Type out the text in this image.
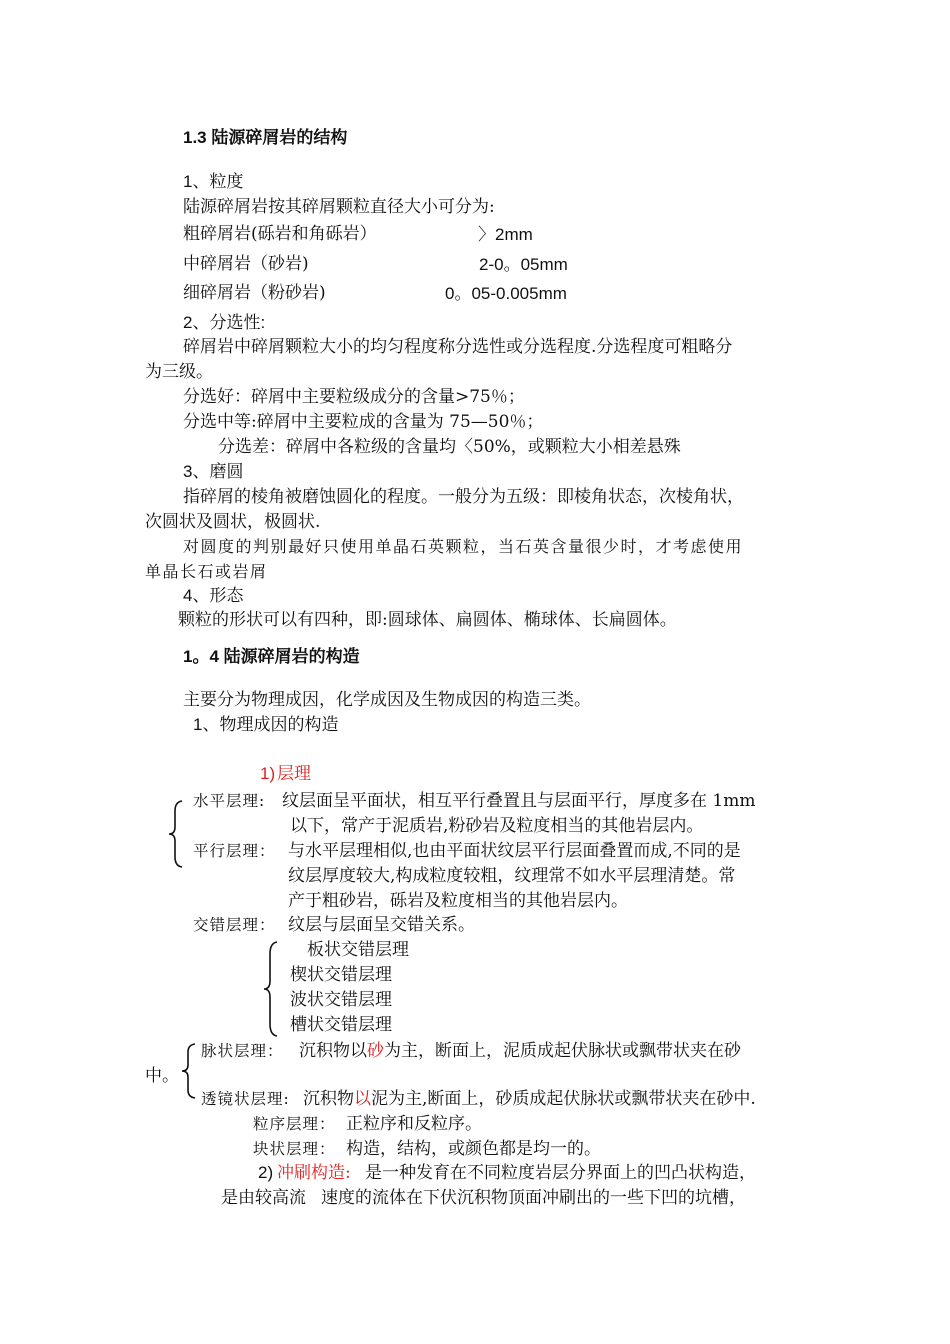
1.3 陆源碎屑岩的结构
1、粒度
陆源碎屑岩按其碎屑颗粒直径大小可分为:
粗碎屑岩(砾岩和角砾岩）	〉2mm
中碎屑岩（砂岩)	2-0。05mm
细碎屑岩（粉砂岩)	0。05-0.005mm
2、分选性:
碎屑岩中碎屑颗粒大小的均匀程度称分选性或分选程度.分选程度可粗略分
为三级。
分选好：碎屑中主要粒级成分的含量>75％；
分选中等:碎屑中主要粒成的含量为 75—50％；
分选差：碎屑中各粒级的含量均〈50%，或颗粒大小相差悬殊
3、磨圆
指碎屑的棱角被磨蚀圆化的程度。一般分为五级：即棱角状态，次棱角状，
次圆状及圆状，极圆状.
对圆度的判别最好只使用单晶石英颗粒，当石英含量很少时，才考虑使用
单晶长石或岩屑
4、形态
颗粒的形状可以有四种，即:圆球体、扁圆体、椭球体、长扁圆体。
1。4 陆源碎屑岩的构造
主要分为物理成因，化学成因及生物成因的构造三类。
1、物理成因的构造
1) 层理
水平层理: 纹层面呈平面状，相互平行叠置且与层面平行，厚度多在 1mm
以下，常产于泥质岩,粉砂岩及粒度相当的其他岩层内。
平行层理： 与水平层理相似,也由平面状纹层平行层面叠置而成,不同的是
纹层厚度较大,构成粒度较粗，纹理常不如水平层理清楚。常
产于粗砂岩，砾岩及粒度相当的其他岩层内。
交错层理： 纹层与层面呈交错关系。
板状交错层理
楔状交错层理
波状交错层理
槽状交错层理
脉状层理： 沉积物以砂为主，断面上，泥质成起伏脉状或飘带状夹在砂
中。
透镜状层理: 沉积物以泥为主,断面上，砂质成起伏脉状或飘带状夹在砂中.
粒序层理： 正粒序和反粒序。
块状层理： 构造，结构，或颜色都是均一的。
2) 冲刷构造: 是一种发育在不同粒度岩层分界面上的凹凸状构造，
是由较高流 速度的流体在下伏沉积物顶面冲刷出的一些下凹的坑槽，
